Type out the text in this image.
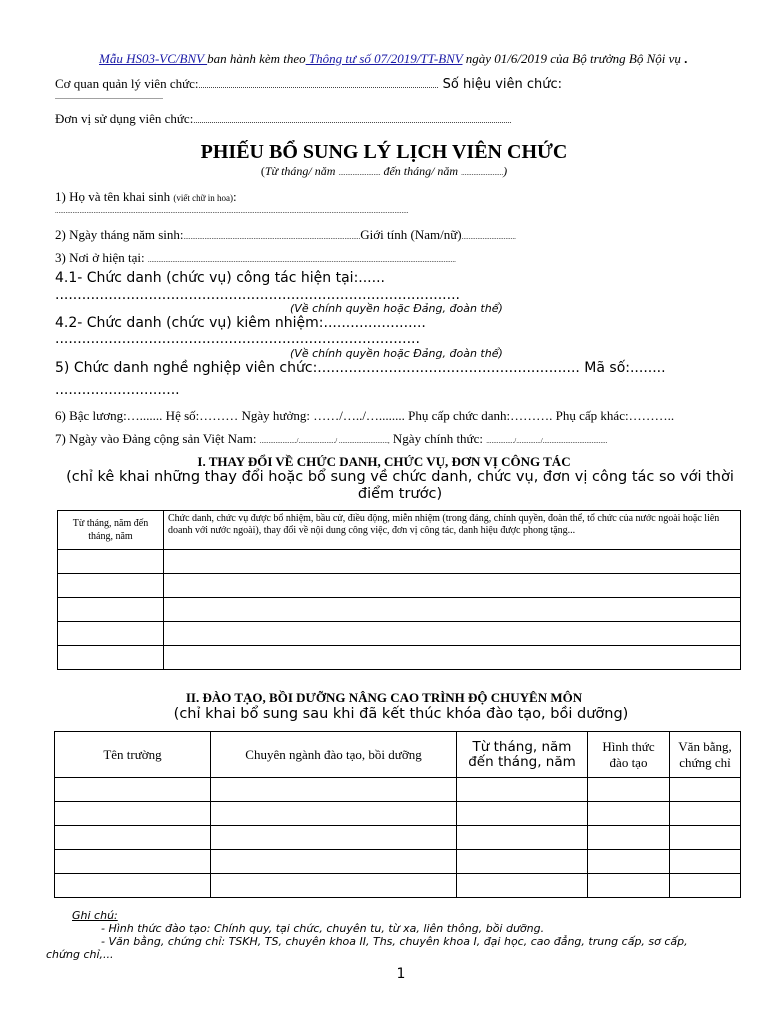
Mẫu HS03-VC/BNV ban hành kèm theo Thông tư số 07/2019/TT-BNV ngày 01/6/2019 của Bộ trưởng Bộ Nội vụ .
Cơ quan quản lý viên chức:........................................................................................................................ Số hiệu viên chức:
......................................................
Đơn vị sử dụng viên chức:...............................................................................................................................................................
PHIẾU BỔ SUNG LÝ LỊCH VIÊN CHỨC
(Từ tháng/ năm ........................ đến tháng/ năm ........................)
1) Họ và tên khai sinh (viết chữ in hoa):
..........................................................................................................................................................................................................
2) Ngày tháng năm sinh:.....................................................................................................Giới tính (Nam/nữ)...............................
3) Nơi ở hiện tại: ................................................................................................................................................................................
4.1- Chức danh (chức vụ) công tác hiện tại:......
...........................................................................................
(Về chính quyền hoặc Đảng, đoàn thể)
4.2- Chức danh (chức vụ) kiêm nhiệm:.......................
..................................................................................
(Về chính quyền hoặc Đảng, đoàn thể)
5) Chức danh nghề nghiệp viên chức:........................................................... Mã số:........
............................
6) Bậc lương:…....... Hệ số:……… Ngày hưởng: ……/…../…........ Phụ cấp chức danh:………. Phụ cấp khác:………..
7) Ngày vào Đảng cộng sản Việt Nam: ...................../...................../ ............................, Ngày chính thức: ................/............../.....................................
I. THAY ĐỔI VỀ CHỨC DANH, CHỨC VỤ, ĐƠN VỊ CÔNG TÁC
(chỉ kê khai những thay đổi hoặc bổ sung về chức danh, chức vụ, đơn vị công tác so với thời điểm trước)
Từ tháng, năm đến tháng, năm	Chức danh, chức vụ được bổ nhiệm, bầu cử, điều động, miễn nhiệm (trong đảng, chính quyền, đoàn thể, tổ chức của nước ngoài hoặc liên doanh với nước ngoài), thay đổi về nội dung công việc, đơn vị công tác, danh hiệu được phong tặng...

II. ĐÀO TẠO, BỒI DƯỠNG NÂNG CAO TRÌNH ĐỘ CHUYÊN MÔN
(chỉ khai bổ sung sau khi đã kết thúc khóa đào tạo, bồi dưỡng)
Tên trường	Chuyên ngành đào tạo, bồi dưỡng	Từ tháng, năm đến tháng, năm	Hình thức đào tạo	Văn bằng, chứng chỉ

Ghi chú:
- Hình thức đào tạo: Chính quy, tại chức, chuyên tu, từ xa, liên thông, bồi dưỡng.
- Văn bằng, chứng chỉ: TSKH, TS, chuyên khoa II, Ths, chuyên khoa I, đại học, cao đẳng, trung cấp, sơ cấp,
chứng chỉ,...
1
